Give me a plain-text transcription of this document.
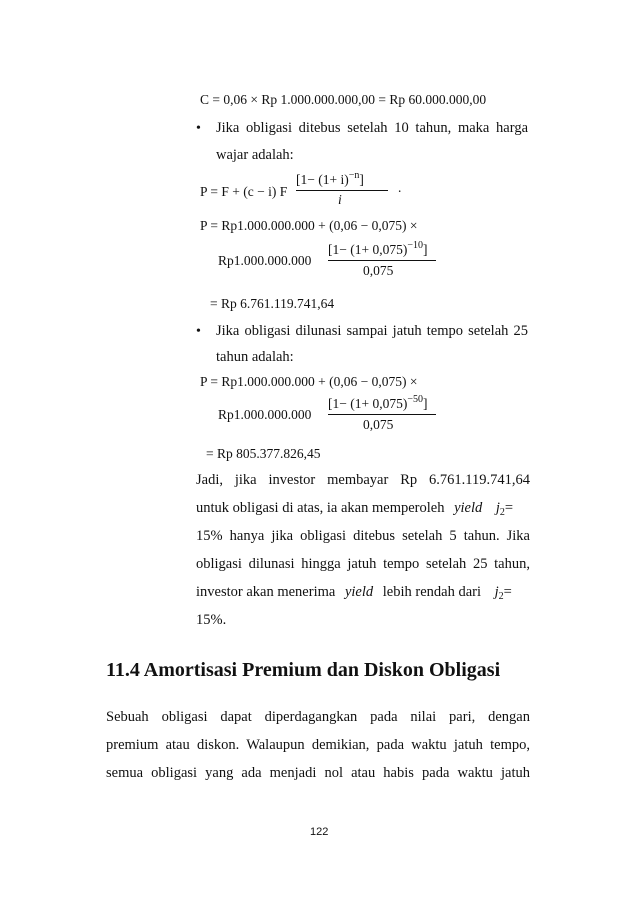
C = 0,06 × Rp 1.000.000.000,00 = Rp 60.000.000,00
• Jika obligasi ditebus setelah 10 tahun, maka harga
wajar adalah:
P = F + (c − i) F
$[1- (1+ i)^{-n}]$
i
.
P = Rp1.000.000.000 + (0,06 − 0,075) ×
Rp1.000.000.000
$[1- (1+ 0,075)^{-10}]$
0,075
= Rp 6.761.119.741,64
• Jika obligasi dilunasi sampai jatuh tempo setelah 25
tahun adalah:
P = Rp1.000.000.000 + (0,06 − 0,075) ×
Rp1.000.000.000
$[1- (1+ 0,075)^{-50}]$
0,075
= Rp 805.377.826,45
Jadi, jika investor membayar Rp 6.761.119.741,64
untuk obligasi di atas, ia akan memperoleh yield $j_2=$
15% hanya jika obligasi ditebus setelah 5 tahun. Jika
obligasi dilunasi hingga jatuh tempo setelah 25 tahun,
investor akan menerima yield lebih rendah dari $j_2=$
15%.
11.4 Amortisasi Premium dan Diskon Obligasi
Sebuah obligasi dapat diperdagangkan pada nilai pari, dengan
premium atau diskon. Walaupun demikian, pada waktu jatuh tempo,
semua obligasi yang ada menjadi nol atau habis pada waktu jatuh
122
